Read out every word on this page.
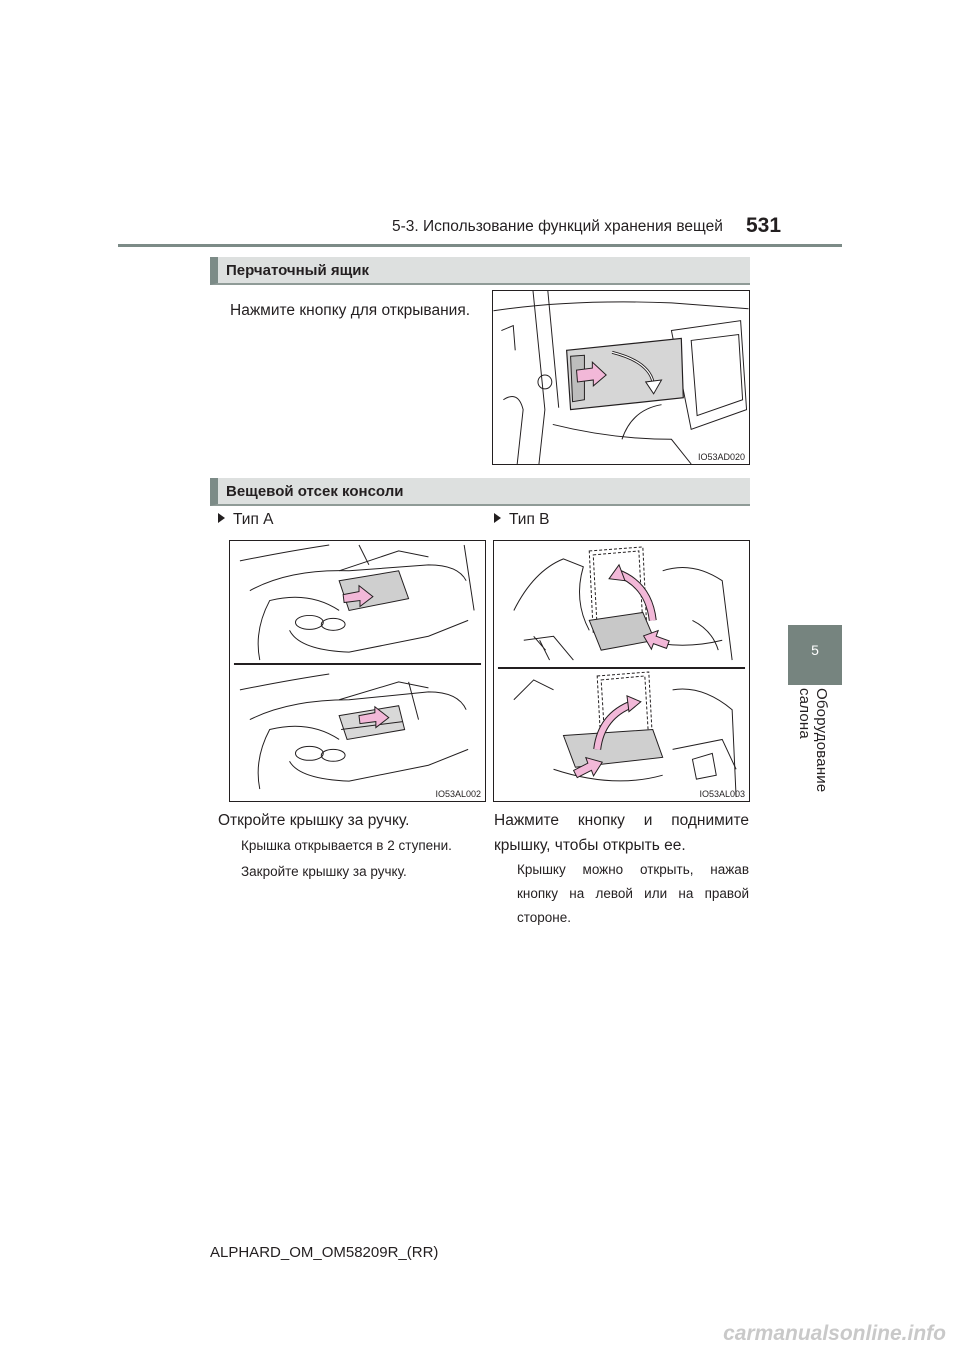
5-3. Использование функций хранения вещей 531
5
Оборудование салона
Перчаточный ящик
Нажмите кнопку для открывания.
IO53AD020
Вещевой отсек консоли
Тип A	Тип B
IO53AL002	IO53AL003
Откройте крышку за ручку.
Крышка открывается в 2 ступени.
Закройте крышку за ручку.
Нажмите кнопку и поднимите
крышку, чтобы открыть ее.
Крышку можно открыть, нажав
кнопку на левой или на правой
стороне.
ALPHARD_OM_OM58209R_(RR)
carmanualsonline.info
